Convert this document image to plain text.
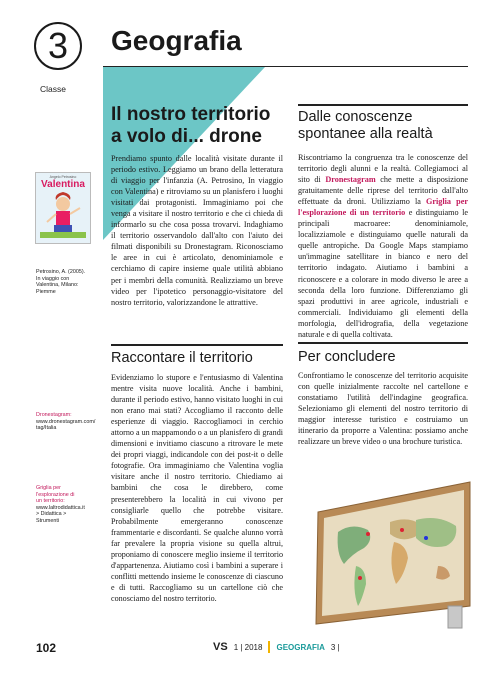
3
Classe
Geografia
Il nostro territorio
a volo di... drone
Prendiamo spunto dalle località visitate durante il periodo estivo. Leggiamo un brano della letteratura di viaggio per l'infanzia (A. Petrosino, In viaggio con Valentina) e ritroviamo su un planisfero i luoghi visitati dai protagonisti. Immaginiamo poi che venga a visitare il nostro territorio e che ci chieda di informarlo su che cosa possa trovarvi. Indaghiamo il territorio osservandolo dall'alto con l'aiuto dei filmati disponibili su Dronestagram. Riconosciamo le aree in cui è articolato, denominiamole e cerchiamo di capire insieme quale utilità abbiano per i membri della comunità. Realizziamo un breve video per l'ipotetico personaggio-visitatore del nostro territorio, valorizzandone le attrattive.
Raccontare il territorio
Evidenziamo lo stupore e l'entusiasmo di Valentina mentre visita nuove località. Anche i bambini, durante il periodo estivo, hanno visitato luoghi in cui non erano mai stati? Accogliamo il racconto delle esperienze di viaggio. Raccogliamoci in cerchio attorno a un mappamondo o a un planisfero di grandi dimensioni e invitiamo ciascuno a ritrovare le mete dei propri viaggi, indicandole con dei post-it o delle fotografie. Ora immaginiamo che Valentina voglia visitare anche il nostro territorio. Chiediamo ai bambini che cosa le direbbero, come presenterebbero la località in cui vivono per consigliarle quello che potrebbe visitare. Probabilmente emergeranno conoscenze frammentarie e discordanti. Se qualche alunno vorrà far prevalere la propria visione su quella altrui, proponiamo di conoscere meglio insieme il territorio d'appartenenza. Aiutiamo così i bambini a superare i conflitti mettendo insieme le conoscenze di ciascuno e di tutti. Raccogliamo su un cartellone ciò che conosciamo del nostro territorio.
Dalle conoscenze
spontanee alla realtà
Riscontriamo la congruenza tra le conoscenze del territorio degli alunni e la realtà. Collegiamoci al sito di Dronestagram che mette a disposizione gratuitamente delle riprese del territorio dall'alto effettuate da droni. Utilizziamo la Griglia per l'esplorazione di un territorio e distinguiamo le principali macroaree: denominiamole, localizziamole e distinguiamo quelle naturali da quelle antropiche. Da Google Maps stampiamo un'immagine satellitare in bianco e nero del territorio indagato. Aiutiamo i bambini a riconoscere e a colorare in modo diverso le aree a seconda della loro funzione. Differenziamo gli spazi produttivi in aree agricole, industriali e commerciali. Individuiamo gli elementi della morfologia, dell'idrografia, della vegetazione naturale e di quella coltivata.
Per concludere
Confrontiamo le conoscenze del territorio acquisite con quelle inizialmente raccolte nel cartellone e constatiamo l'utilità dell'indagine geografica. Selezioniamo gli elementi del nostro territorio di maggior interesse turistico e costruiamo un itinerario da proporre a Valentina: possiamo anche realizzare un breve video o una brochure turistica.
Angelo Petrosino
Valentina
Petrosino, A. (2005).
In viaggio con
Valentina, Milano:
Piemme
Dronestagram:
www.dronestagram.com/
tag/Italia
Griglia per
l'esplorazione di
un territorio:
www.laltrodidattica.it
> Didattica >
Strumenti
102	VS 1 | 2018 GEOGRAFIA 3 |
